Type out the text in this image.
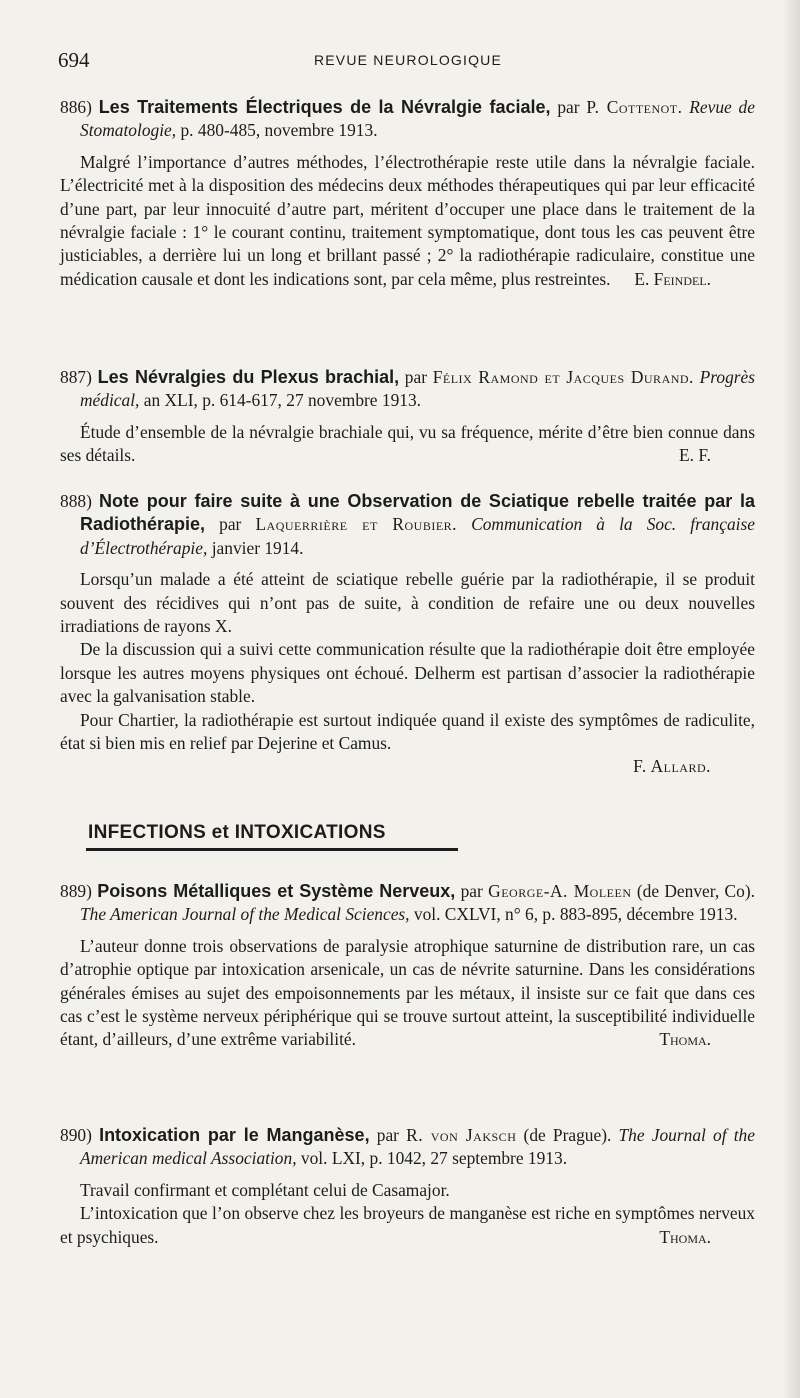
694	REVUE NEUROLOGIQUE

886) Les Traitements Électriques de la Névralgie faciale, par P. Cottenot. Revue de Stomatologie, p. 480-485, novembre 1913.

Malgré l’importance d’autres méthodes, l’électrothérapie reste utile dans la névralgie faciale. L’électricité met à la disposition des médecins deux méthodes thérapeutiques qui par leur efficacité d’une part, par leur innocuité d’autre part, méritent d’occuper une place dans le traitement de la névralgie faciale : 1° le courant continu, traitement symptomatique, dont tous les cas peuvent être justiciables, a derrière lui un long et brillant passé ; 2° la radiothérapie radiculaire, constitue une médication causale et dont les indications sont, par cela même, plus restreintes.	E. Feindel.

887) Les Névralgies du Plexus brachial, par Félix Ramond et Jacques Durand. Progrès médical, an XLI, p. 614-617, 27 novembre 1913.

Étude d’ensemble de la névralgie brachiale qui, vu sa fréquence, mérite d’être bien connue dans ses détails.	E. F.

888) Note pour faire suite à une Observation de Sciatique rebelle traitée par la Radiothérapie, par Laquerrière et Roubier. Communication à la Soc. française d’Électrothérapie, janvier 1914.

Lorsqu’un malade a été atteint de sciatique rebelle guérie par la radiothérapie, il se produit souvent des récidives qui n’ont pas de suite, à condition de refaire une ou deux nouvelles irradiations de rayons X.

De la discussion qui a suivi cette communication résulte que la radiothérapie doit être employée lorsque les autres moyens physiques ont échoué. Delherm est partisan d’associer la radiothérapie avec la galvanisation stable.

Pour Chartier, la radiothérapie est surtout indiquée quand il existe des symptômes de radiculite, état si bien mis en relief par Dejerine et Camus.

F. Allard.

INFECTIONS et INTOXICATIONS

889) Poisons Métalliques et Système Nerveux, par George-A. Moleen (de Denver, Co). The American Journal of the Medical Sciences, vol. CXLVI, n° 6, p. 883-895, décembre 1913.

L’auteur donne trois observations de paralysie atrophique saturnine de distribution rare, un cas d’atrophie optique par intoxication arsenicale, un cas de névrite saturnine. Dans les considérations générales émises au sujet des empoisonnements par les métaux, il insiste sur ce fait que dans ces cas c’est le système nerveux périphérique qui se trouve surtout atteint, la susceptibilité individuelle étant, d’ailleurs, d’une extrême variabilité.	Thoma.

890) Intoxication par le Manganèse, par R. von Jaksch (de Prague). The Journal of the American medical Association, vol. LXI, p. 1042, 27 septembre 1913.

Travail confirmant et complétant celui de Casamajor.

L’intoxication que l’on observe chez les broyeurs de manganèse est riche en symptômes nerveux et psychiques.	Thoma.
